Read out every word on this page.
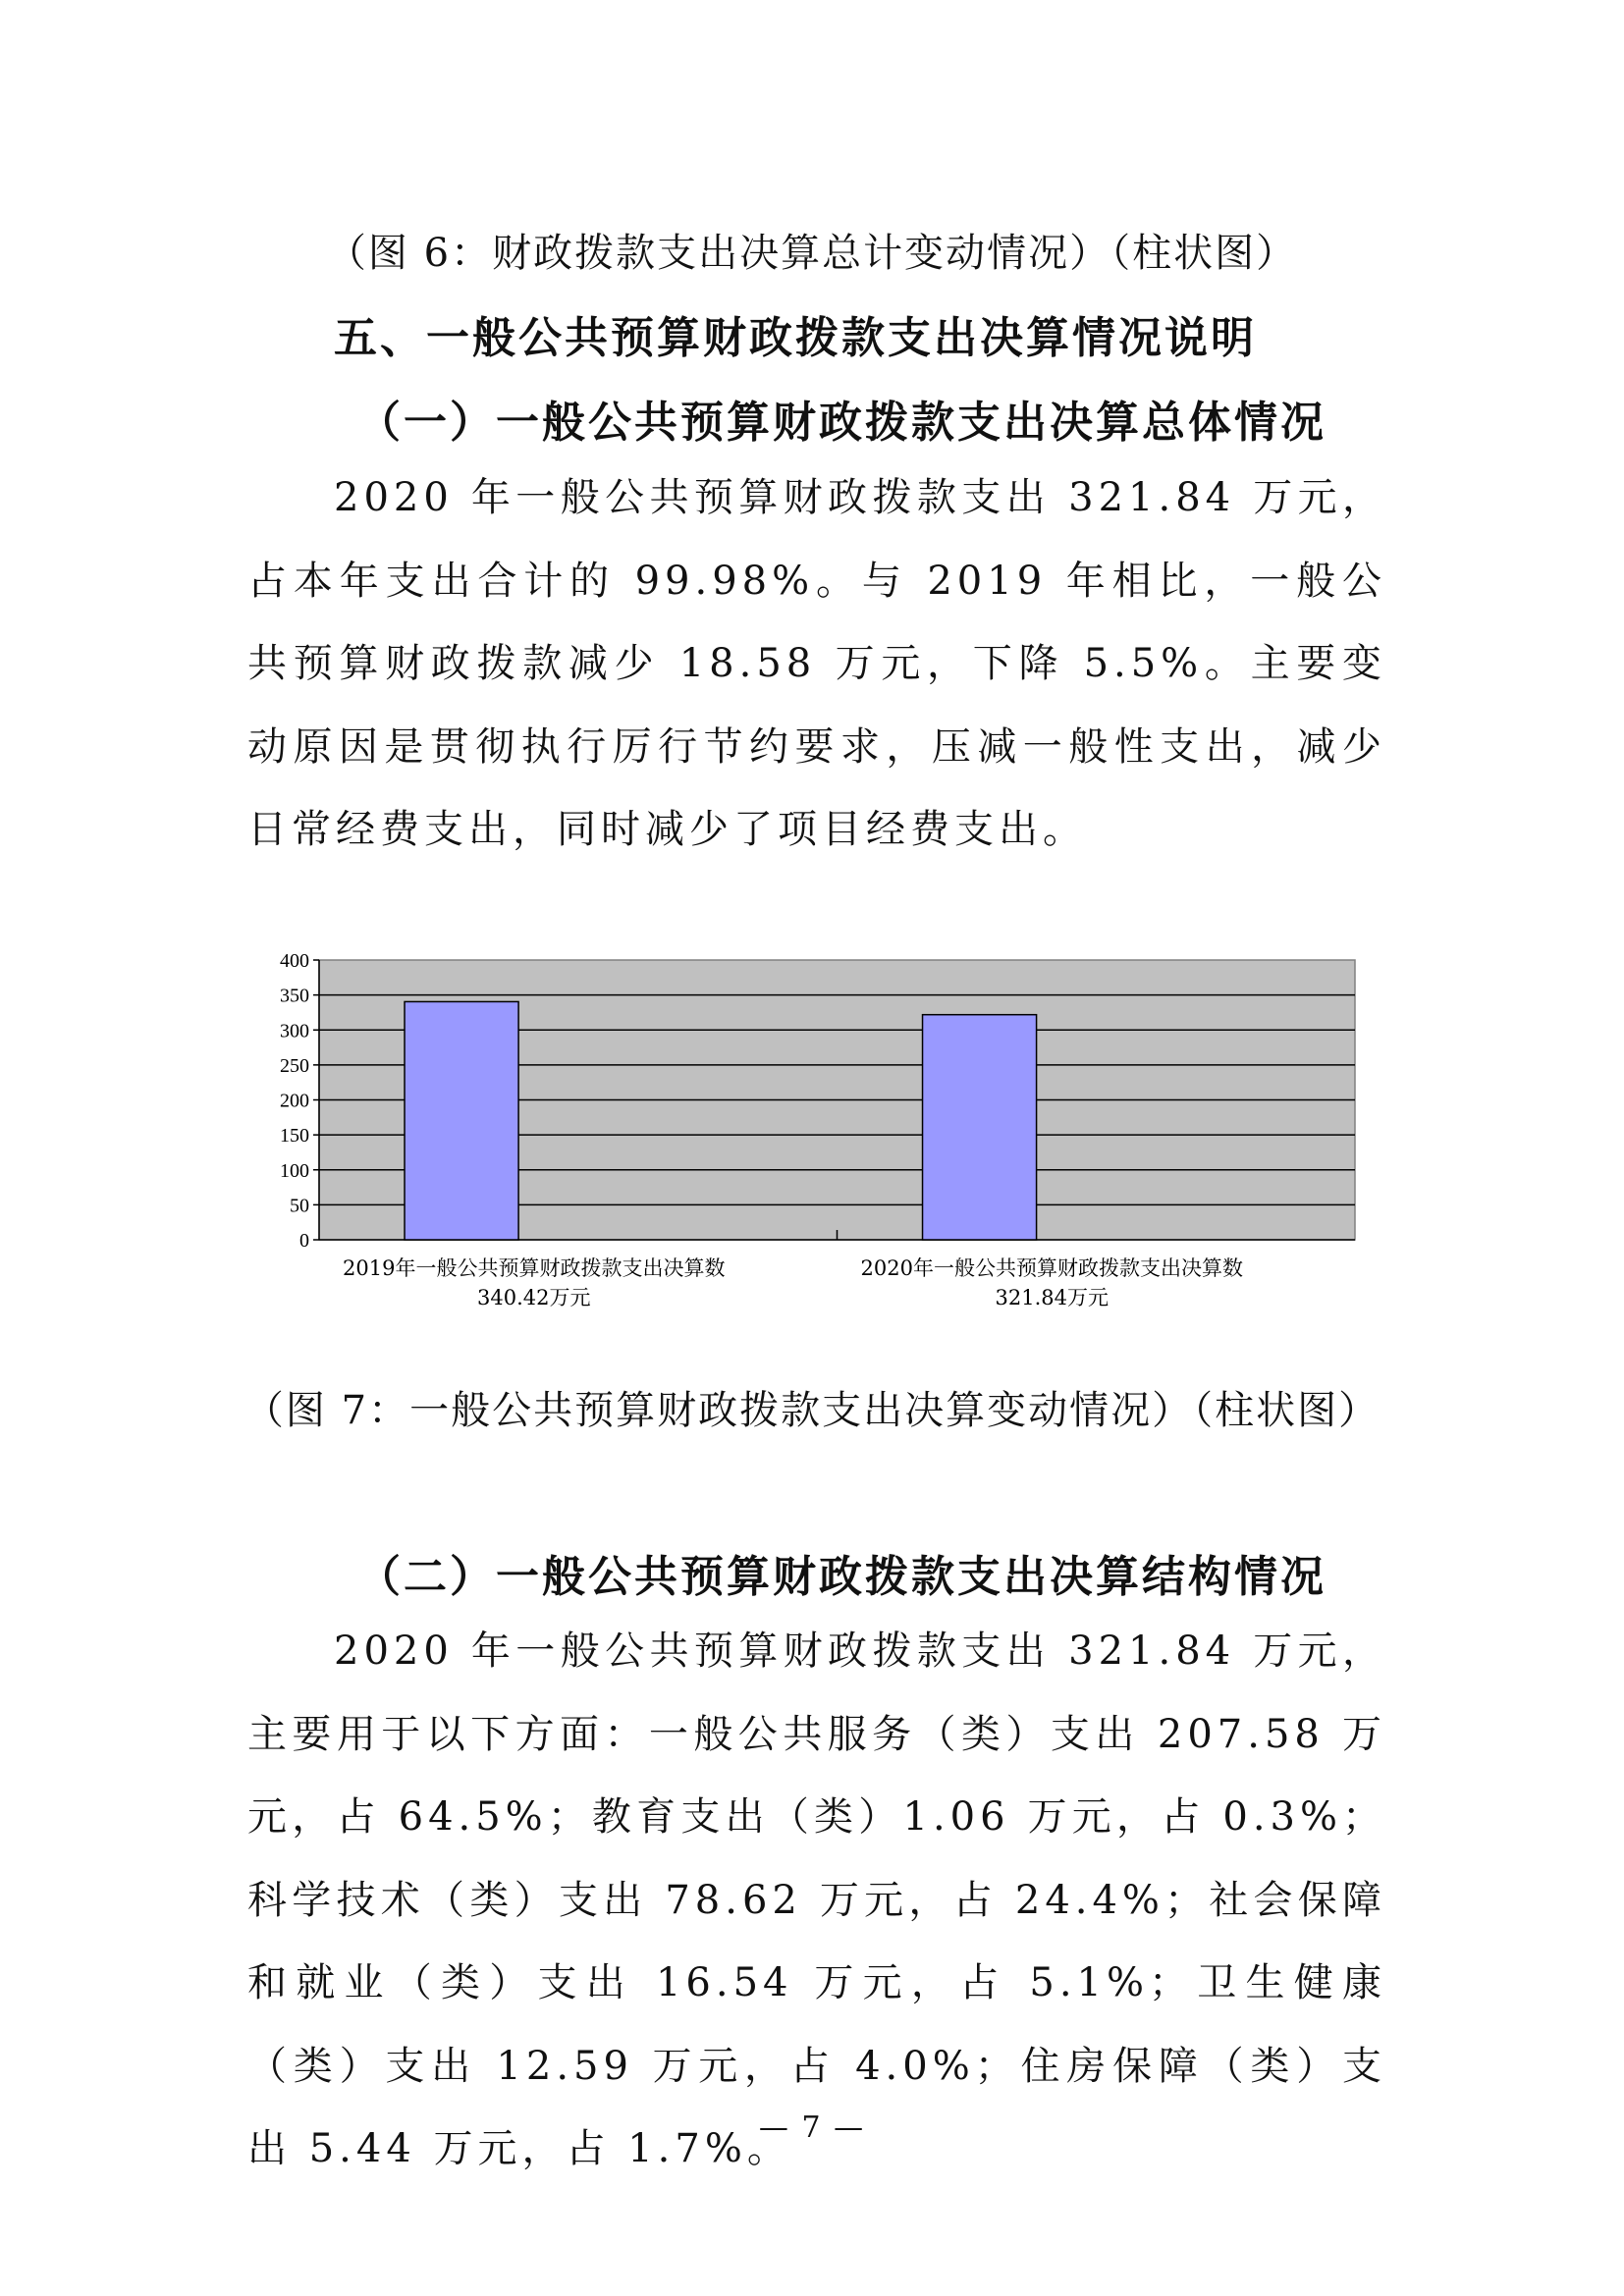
（图 6：财政拨款支出决算总计变动情况）（柱状图）
五、一般公共预算财政拨款支出决算情况说明
（一）一般公共预算财政拨款支出决算总体情况
2020 年一般公共预算财政拨款支出 321.84 万元，占本年支出合计的 99.98%。与 2019 年相比，一般公共预算财政拨款减少 18.58 万元，下降 5.5%。主要变动原因是贯彻执行厉行节约要求，压减一般性支出，减少日常经费支出，同时减少了项目经费支出。
0
50
100
150
200
250
300
350
400
2019年一般公共预算财政拨款支出决算数
340.42万元
2020年一般公共预算财政拨款支出决算数
321.84万元
（图 7：一般公共预算财政拨款支出决算变动情况）（柱状图）
（二）一般公共预算财政拨款支出决算结构情况
2020 年一般公共预算财政拨款支出 321.84 万元，主要用于以下方面：一般公共服务（类）支出 207.58 万元，占 64.5%；教育支出（类）1.06 万元，占 0.3%；科学技术（类）支出 78.62 万元，占 24.4%；社会保障和就业（类）支出 16.54 万元，占 5.1%；卫生健康（类）支出 12.59 万元，占 4.0%；住房保障（类）支出 5.44 万元，占 1.7%。
— 7 —
